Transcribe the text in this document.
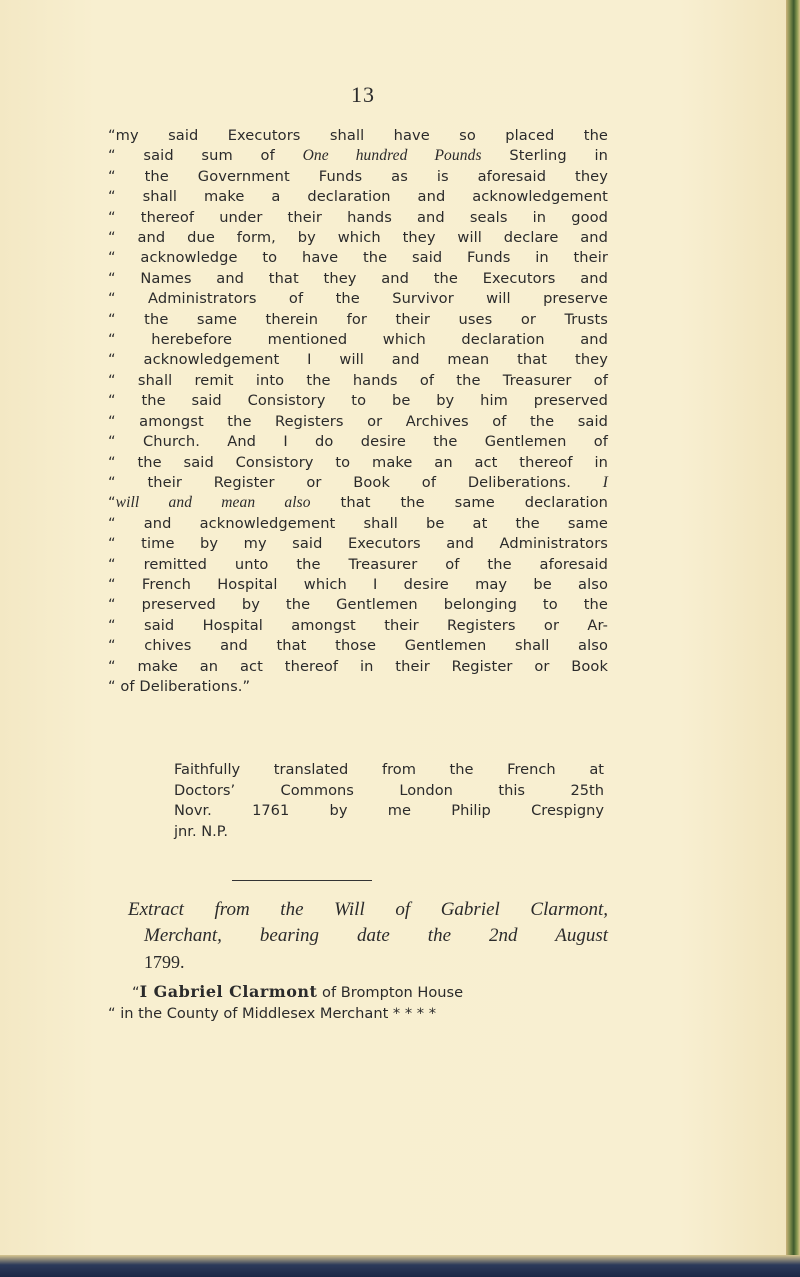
13
“my said Executors shall have so placed the
“ said sum of One hundred Pounds Sterling in
“ the Government Funds as is aforesaid they
“ shall make a declaration and acknowledgement
“ thereof under their hands and seals in good
“ and due form, by which they will declare and
“ acknowledge to have the said Funds in their
“ Names and that they and the Executors and
“ Administrators of the Survivor will preserve
“ the same therein for their uses or Trusts
“ herebefore mentioned which declaration and
“ acknowledgement I will and mean that they
“ shall remit into the hands of the Treasurer of
“ the said Consistory to be by him preserved
“ amongst the Registers or Archives of the said
“ Church. And I do desire the Gentlemen of
“ the said Consistory to make an act thereof in
“ their Register or Book of Deliberations. I
“will and mean also that the same declaration
“ and acknowledgement shall be at the same
“ time by my said Executors and Administrators
“ remitted unto the Treasurer of the aforesaid
“ French Hospital which I desire may be also
“ preserved by the Gentlemen belonging to the
“ said Hospital amongst their Registers or Ar-
“ chives and that those Gentlemen shall also
“ make an act thereof in their Register or Book
“ of Deliberations.”
Faithfully translated from the French at
Doctors’ Commons London this 25th
Novr. 1761 by me Philip Crespigny
jnr. N.P.
Extract from the Will of Gabriel Clarmont,
Merchant, bearing date the 2nd August
1799.
“I Gabriel Clarmont of Brompton House
“ in the County of Middlesex Merchant * * * *
